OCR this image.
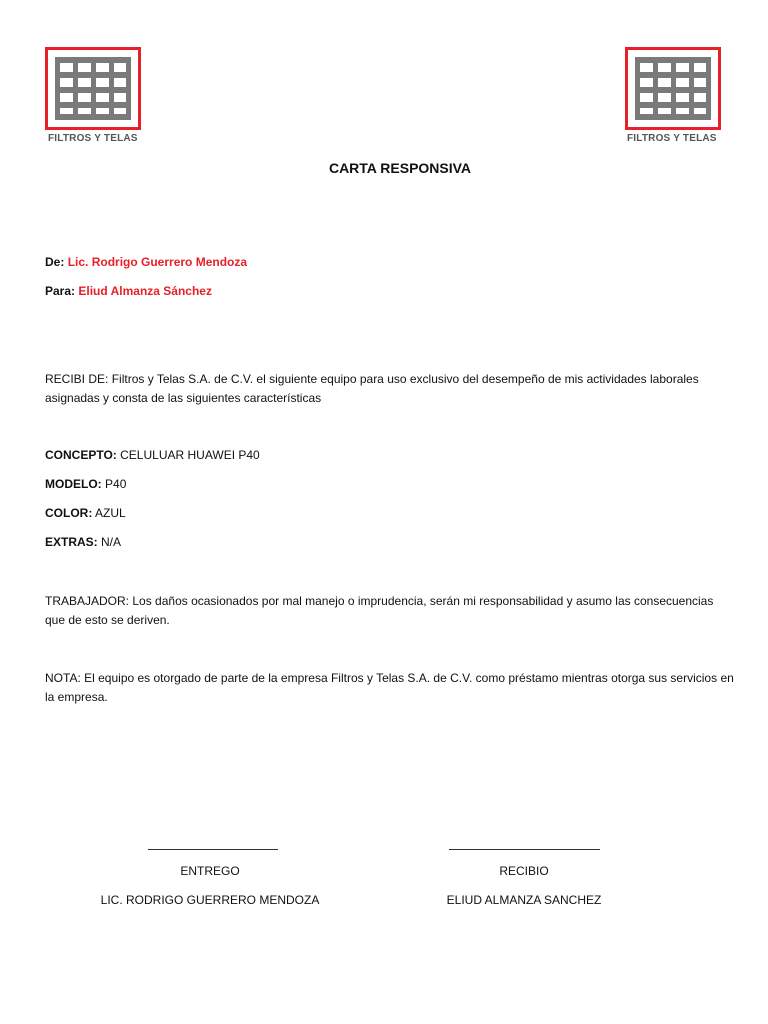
FILTROS Y TELAS	FILTROS Y TELAS
CARTA RESPONSIVA
De: Lic. Rodrigo Guerrero Mendoza
Para: Eliud Almanza Sánchez
RECIBI DE: Filtros y Telas S.A. de C.V. el siguiente equipo para uso exclusivo del desempeño de mis actividades laborales asignadas y consta de las siguientes características
CONCEPTO: CELULUAR HUAWEI P40
MODELO: P40
COLOR: AZUL
EXTRAS: N/A
TRABAJADOR: Los daños ocasionados por mal manejo o imprudencia, serán mi responsabilidad y asumo las consecuencias que de esto se deriven.
NOTA: El equipo es otorgado de parte de la empresa Filtros y Telas S.A. de C.V. como préstamo mientras otorga sus servicios en la empresa.
ENTREGO	RECIBIO
LIC. RODRIGO GUERRERO MENDOZA	ELIUD ALMANZA SANCHEZ
